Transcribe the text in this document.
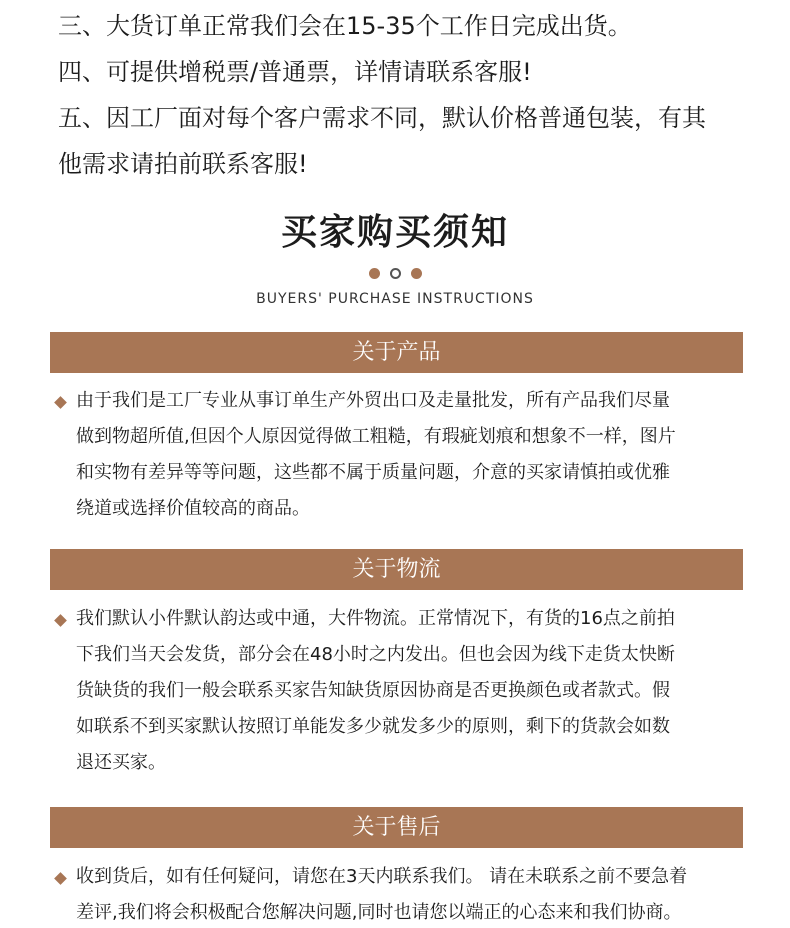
三、大货订单正常我们会在15-35个工作日完成出货。
四、可提供增税票/普通票，详情请联系客服!
五、因工厂面对每个客户需求不同，默认价格普通包装，有其
他需求请拍前联系客服!
买家购买须知
BUYERS' PURCHASE INSTRUCTIONS
关于产品
由于我们是工厂专业从事订单生产外贸出口及走量批发，所有产品我们尽量
做到物超所值,但因个人原因觉得做工粗糙，有瑕疵划痕和想象不一样，图片
和实物有差异等等问题，这些都不属于质量问题，介意的买家请慎拍或优雅
绕道或选择价值较高的商品。
关于物流
我们默认小件默认韵达或中通，大件物流。正常情况下，有货的16点之前拍
下我们当天会发货，部分会在48小时之内发出。但也会因为线下走货太快断
货缺货的我们一般会联系买家告知缺货原因协商是否更换颜色或者款式。假
如联系不到买家默认按照订单能发多少就发多少的原则，剩下的货款会如数
退还买家。
关于售后
收到货后，如有任何疑问，请您在3天内联系我们。 请在未联系之前不要急着
差评,我们将会积极配合您解决问题,同时也请您以端正的心态来和我们协商。
